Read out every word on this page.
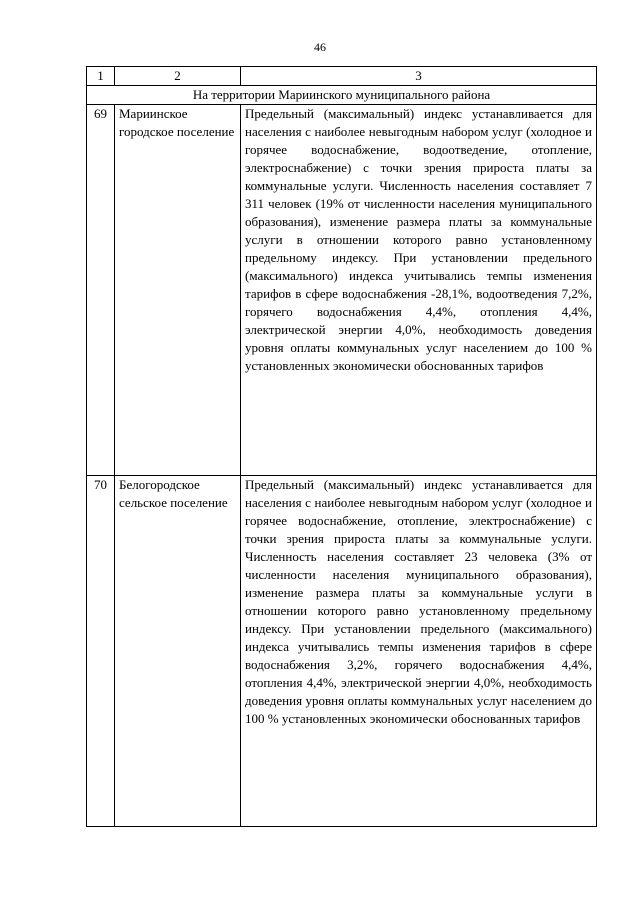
46
1	2	3
На территории Мариинского муниципального района		
69	Мариинское городское поселение	Предельный (максимальный) индекс устанавливается для населения с наиболее невыгодным набором услуг (холодное и горячее водоснабжение, водоотведение, отопление, электроснабжение) с точки зрения прироста платы за коммунальные услуги. Численность населения составляет 7 311 человек (19% от численности населения муниципального образования), изменение размера платы за коммунальные услуги в отношении которого равно установленному предельному индексу. При установлении предельного (максимального) индекса учитывались темпы изменения тарифов в сфере водоснабжения -28,1%, водоотведения 7,2%, горячего водоснабжения 4,4%, отопления 4,4%, электрической энергии 4,0%, необходимость доведения уровня оплаты коммунальных услуг населением до 100 % установленных экономически обоснованных тарифов
70	Белогородское сельское поселение	Предельный (максимальный) индекс устанавливается для населения с наиболее невыгодным набором услуг (холодное и горячее водоснабжение, отопление, электроснабжение) с точки зрения прироста платы за коммунальные услуги. Численность населения составляет 23 человека (3% от численности населения муниципального образования), изменение размера платы за коммунальные услуги в отношении которого равно установленному предельному индексу. При установлении предельного (максимального) индекса учитывались темпы изменения тарифов в сфере водоснабжения 3,2%, горячего водоснабжения 4,4%, отопления 4,4%, электрической энергии 4,0%, необходимость доведения уровня оплаты коммунальных услуг населением до 100 % установленных экономически обоснованных тарифов
